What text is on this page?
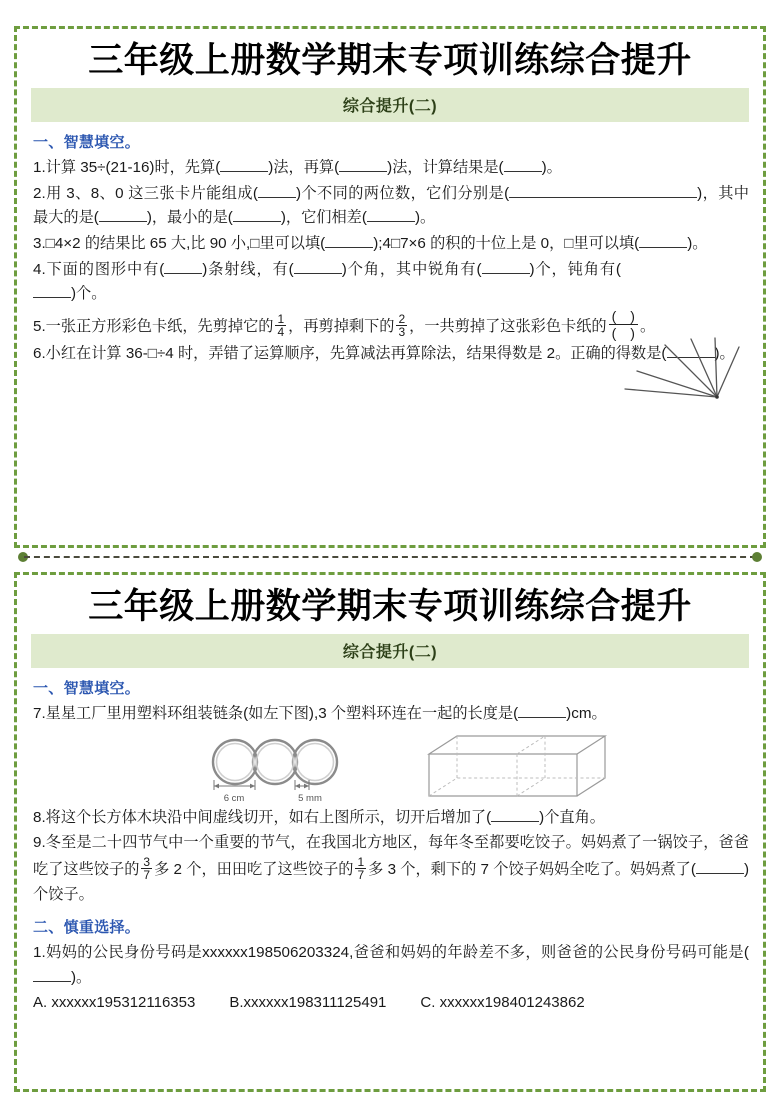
三年级上册数学期末专项训练综合提升
综合提升(二)
一、智慧填空。

1.计算 35÷(21-16)时，先算(	)法，再算(	)法，计算结果是(	)。

2.用 3、8、0 这三张卡片能组成(	)个不同的两位数，它们分别是(	)，其中最大的是(	)，最小的是(	)，它们相差(	)。

3.□4×2 的结果比 65 大,比 90 小,□里可以填(	);4□7×6 的积的十位上是 0，□里可以填(	)。

4.下面的图形中有(	)条射线，有(	)个角，其中锐角有(	)个，钝角有()个。

5.一张正方形彩色卡纸，先剪掉它的 $\frac{1}{4}$ ，再剪掉剩下的 $\frac{2}{3}$ ，一共剪掉了这张彩色卡纸的 $\frac{( )}{( )}$ 。

6.小红在计算 36-□÷4 时，弄错了运算顺序，先算减法再算除法，结果得数是 2。正确的得数是(	)。

三年级上册数学期末专项训练综合提升
综合提升(二)
一、智慧填空。

7.星星工厂里用塑料环组装链条(如左下图),3 个塑料环连在一起的长度是(	)cm。

6 cm	5 mm

8.将这个长方体木块沿中间虚线切开，如右上图所示，切开后增加了(	)个直角。

9.冬至是二十四节气中一个重要的节气，在我国北方地区，每年冬至都要吃饺子。妈妈煮了一锅饺子，爸爸吃了这些饺子的 $\frac{3}{7}$ 多 2 个，田田吃了这些饺子的 $\frac{1}{7}$ 多 3 个，剩下的 7 个饺子妈妈全吃了。妈妈煮了(	)个饺子。

二、慎重选择。

1.妈妈的公民身份号码是xxxxxx198506203324,爸爸和妈妈的年龄差不多，则爸爸的公民身份号码可能是()。

A. xxxxxx195312116353 B.xxxxxx198311125491 C. xxxxxx198401243862
